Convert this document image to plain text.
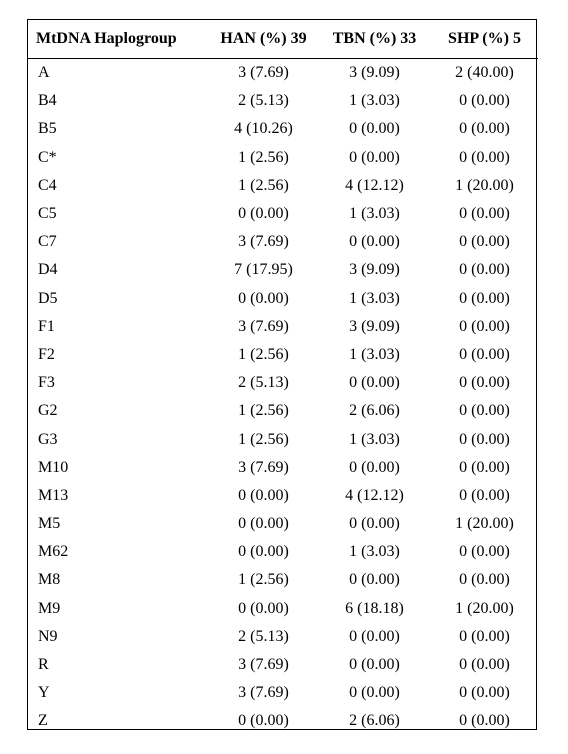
MtDNA Haplogroup	HAN (%) 39	TBN (%) 33	SHP (%) 5
A	3 (7.69)	3 (9.09)	2 (40.00)
B4	2 (5.13)	1 (3.03)	0 (0.00)
B5	4 (10.26)	0 (0.00)	0 (0.00)
C*	1 (2.56)	0 (0.00)	0 (0.00)
C4	1 (2.56)	4 (12.12)	1 (20.00)
C5	0 (0.00)	1 (3.03)	0 (0.00)
C7	3 (7.69)	0 (0.00)	0 (0.00)
D4	7 (17.95)	3 (9.09)	0 (0.00)
D5	0 (0.00)	1 (3.03)	0 (0.00)
F1	3 (7.69)	3 (9.09)	0 (0.00)
F2	1 (2.56)	1 (3.03)	0 (0.00)
F3	2 (5.13)	0 (0.00)	0 (0.00)
G2	1 (2.56)	2 (6.06)	0 (0.00)
G3	1 (2.56)	1 (3.03)	0 (0.00)
M10	3 (7.69)	0 (0.00)	0 (0.00)
M13	0 (0.00)	4 (12.12)	0 (0.00)
M5	0 (0.00)	0 (0.00)	1 (20.00)
M62	0 (0.00)	1 (3.03)	0 (0.00)
M8	1 (2.56)	0 (0.00)	0 (0.00)
M9	0 (0.00)	6 (18.18)	1 (20.00)
N9	2 (5.13)	0 (0.00)	0 (0.00)
R	3 (7.69)	0 (0.00)	0 (0.00)
Y	3 (7.69)	0 (0.00)	0 (0.00)
Z	0 (0.00)	2 (6.06)	0 (0.00)
